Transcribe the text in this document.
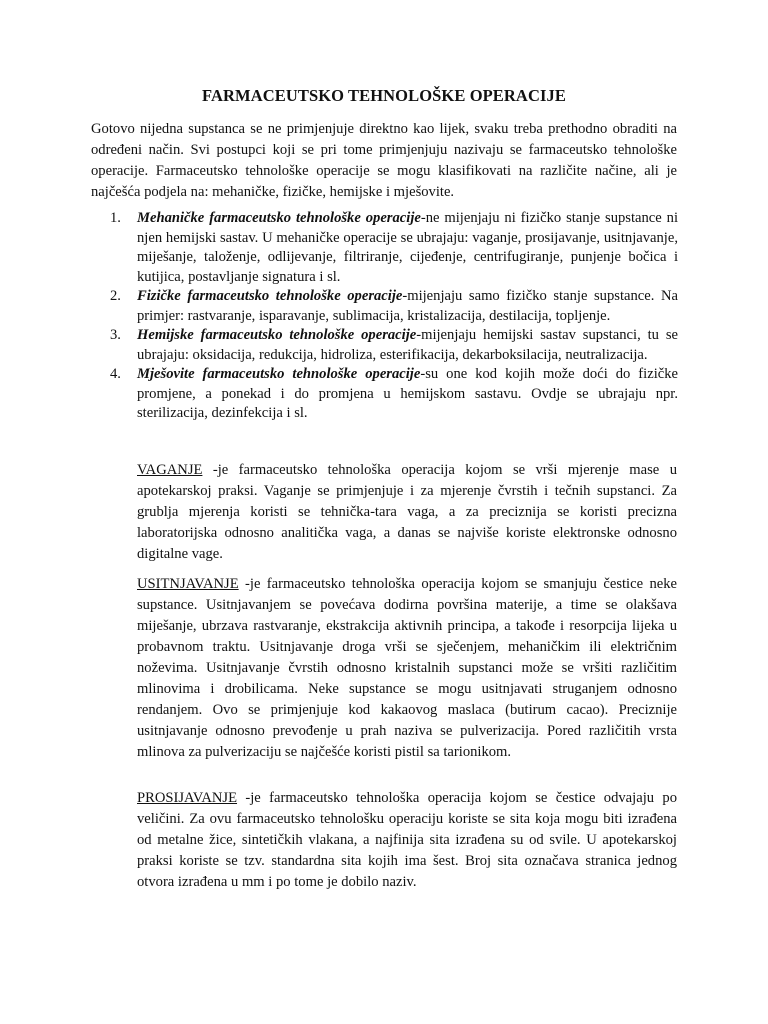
FARMACEUTSKO TEHNOLOŠKE OPERACIJE

Gotovo nijedna supstanca se ne primjenjuje direktno kao lijek, svaku treba prethodno obraditi na određeni način. Svi postupci koji se pri tome primjenjuju nazivaju se farmaceutsko tehnološke operacije. Farmaceutsko tehnološke operacije se mogu klasifikovati na različite načine, ali je najčešća podjela na: mehaničke, fizičke, hemijske i mješovite.

1. Mehaničke farmaceutsko tehnološke operacije-ne mijenjaju ni fizičko stanje supstance ni njen hemijski sastav. U mehaničke operacije se ubrajaju: vaganje, prosijavanje, usitnjavanje, miješanje, taloženje, odlijevanje, filtriranje, cijeđenje, centrifugiranje, punjenje bočica i kutijica, postavljanje signatura i sl.
2. Fizičke farmaceutsko tehnološke operacije-mijenjaju samo fizičko stanje supstance. Na primjer: rastvaranje, isparavanje, sublimacija, kristalizacija, destilacija, topljenje.
3. Hemijske farmaceutsko tehnološke operacije-mijenjaju hemijski sastav supstanci, tu se ubrajaju: oksidacija, redukcija, hidroliza, esterifikacija, dekarboksilacija, neutralizacija.
4. Mješovite farmaceutsko tehnološke operacije-su one kod kojih može doći do fizičke promjene, a ponekad i do promjena u hemijskom sastavu. Ovdje se ubrajaju npr. sterilizacija, dezinfekcija i sl.

VAGANJE -je farmaceutsko tehnološka operacija kojom se vrši mjerenje mase u apotekarskoj praksi. Vaganje se primjenjuje i za mjerenje čvrstih i tečnih supstanci. Za grublja mjerenja koristi se tehnička-tara vaga, a za preciznija se koristi precizna laboratorijska odnosno analitička vaga, a danas se najviše koriste elektronske odnosno digitalne vage.

USITNJAVANJE -je farmaceutsko tehnološka operacija kojom se smanjuju čestice neke supstance. Usitnjavanjem se povećava dodirna površina materije, a time se olakšava miješanje, ubrzava rastvaranje, ekstrakcija aktivnih principa, a takođe i resorpcija lijeka u probavnom traktu. Usitnjavanje droga vrši se sječenjem, mehaničkim ili električnim noževima. Usitnjavanje čvrstih odnosno kristalnih supstanci može se vršiti različitim mlinovima i drobilicama. Neke supstance se mogu usitnjavati struganjem odnosno rendanjem. Ovo se primjenjuje kod kakaovog maslaca (butirum cacao). Preciznije usitnjavanje odnosno prevođenje u prah naziva se pulverizacija. Pored različitih vrsta mlinova za pulverizaciju se najčešće koristi pistil sa tarionikom.

PROSIJAVANJE -je farmaceutsko tehnološka operacija kojom se čestice odvajaju po veličini. Za ovu farmaceutsko tehnološku operaciju koriste se sita koja mogu biti izrađena od metalne žice, sintetičkih vlakana, a najfinija sita izrađena su od svile. U apotekarskoj praksi koriste se tzv. standardna sita kojih ima šest. Broj sita označava stranica jednog otvora izrađena u mm i po tome je dobilo naziv.
